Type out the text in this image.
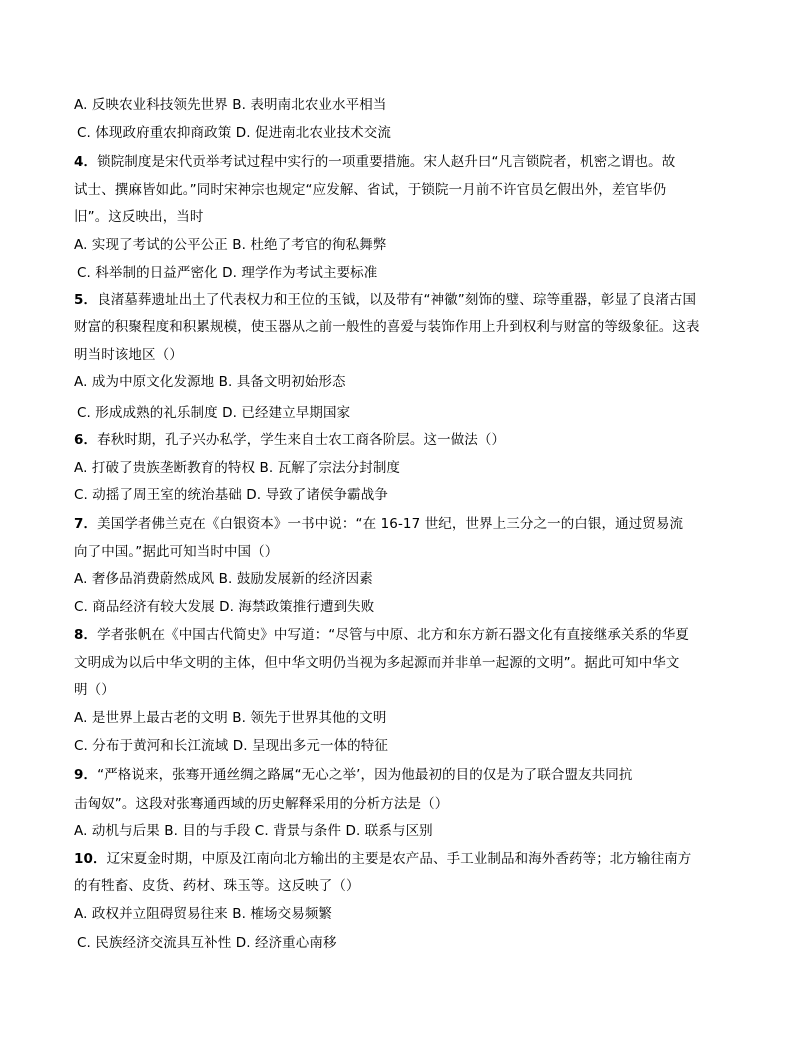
A. 反映农业科技领先世界 B. 表明南北农业水平相当
C. 体现政府重农抑商政策 D. 促进南北农业技术交流
4．锁院制度是宋代贡举考试过程中实行的一项重要措施。宋人赵升曰“凡言锁院者，机密之谓也。故
试士、撰麻皆如此。”同时宋神宗也规定“应发解、省试，于锁院一月前不许官员乞假出外，差官毕仍
旧”。这反映出，当时
A. 实现了考试的公平公正 B. 杜绝了考官的徇私舞弊
C. 科举制的日益严密化 D. 理学作为考试主要标准
5．良渚墓葬遗址出土了代表权力和王位的玉钺，以及带有“神徽”刻饰的璧、琮等重器，彰显了良渚古国
财富的积聚程度和积累规模，使玉器从之前一般性的喜爱与装饰作用上升到权利与财富的等级象征。这表
明当时该地区（）
A. 成为中原文化发源地 B. 具备文明初始形态
C. 形成成熟的礼乐制度 D. 已经建立早期国家
6．春秋时期，孔子兴办私学，学生来自士农工商各阶层。这一做法（）
A. 打破了贵族垄断教育的特权 B. 瓦解了宗法分封制度
C. 动摇了周王室的统治基础 D. 导致了诸侯争霸战争
7．美国学者佛兰克在《白银资本》一书中说：“在 16-17 世纪，世界上三分之一的白银，通过贸易流
向了中国。”据此可知当时中国（）
A. 奢侈品消费蔚然成风 B. 鼓励发展新的经济因素
C. 商品经济有较大发展 D. 海禁政策推行遭到失败
8．学者张帆在《中国古代简史》中写道：“尽管与中原、北方和东方新石器文化有直接继承关系的华夏
文明成为以后中华文明的主体，但中华文明仍当视为多起源而并非单一起源的文明”。据此可知中华文
明（）
A. 是世界上最古老的文明 B. 领先于世界其他的文明
C. 分布于黄河和长江流域 D. 呈现出多元一体的特征
9．“严格说来，张骞开通丝绸之路属“无心之举’，因为他最初的目的仅是为了联合盟友共同抗
击匈奴”。这段对张骞通西域的历史解释采用的分析方法是（）
A. 动机与后果 B. 目的与手段 C. 背景与条件 D. 联系与区别
10．辽宋夏金时期，中原及江南向北方输出的主要是农产品、手工业制品和海外香药等；北方输往南方
的有牲畜、皮货、药材、珠玉等。这反映了（）
A. 政权并立阻碍贸易往来 B. 榷场交易频繁
C. 民族经济交流具互补性 D. 经济重心南移
